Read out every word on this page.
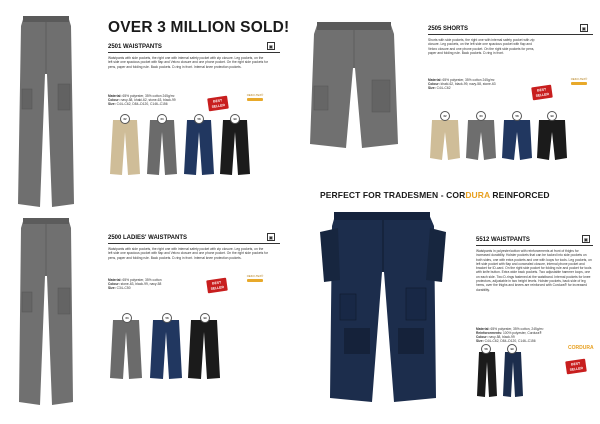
OVER 3 MILLION SOLD!
2501 WAISTPANTS	▣
Waistpants with side pockets, the right one with internal safety pocket with zip closure. Leg pockets, on the left side one spacious pocket with flap and Velcro closure and one phone pocket. On the right side pockets for pens, paper and folding rule. Back pockets. D-ring in front. Internal knee protection pockets.
Material: 65% polyester, 35% cotton 245g/m²
Colour: navy-58, khaki-62, stone-63, black-99
Size: C44–C62, D84–D120, C146–C156
BEST SELLER
OEKO-TEX®
62	63	58	99
2500 LADIES' WAISTPANTS	▣
Waistpants with side pockets, the right one with internal safety pocket with zip closure. Leg pockets, on the left side one spacious pocket with flap and Velcro closure and one phone pocket. On the right side pockets for pens, paper and folding rule. Back pockets. D-ring in front. Internal knee protection pockets.
Material: 65% polyester, 35% cotton
Colour: stone-63, black-99, navy-58
Size: C34–C50
BEST SELLER
OEKO-TEX®
63	58	99
2505 SHORTS	▣
Shorts with side pockets, the right one with internal safety pocket with zip closure. Leg pockets, on the left side one spacious pocket with flap and Velcro closure and one phone pocket. On the right side pockets for pens, paper and folding rule. Back pockets. D-ring in front.
Material: 65% polyester, 35% cotton 245g/m²
Colour: khaki-62, black-99, navy-58, stone-63
Size: C44–C62	BEST SELLER
OEKO-TEX®
62	63	58	99
PERFECT FOR TRADESMEN - CORDURA REINFORCED
5512 WAISTPANTS	▣
Waistpants in polyester/cotton with reinforcements at front of thighs for increased durability. Holster pockets that can be tucked into side pockets on both sides, one with extra pockets and one with loops for tools. Leg pockets, on left side pocket with flap and concealed closure, internal phone pocket and bracket for ID-card. On the right side pocket for folding rule and pocket for tools with knife button. Extra wide back pockets. Two adjustable hammer loops, one on each side. Two D-rings fastened at the waistband. Internal pockets for knee protectors, adjustable in two height levels. Holster pockets, back side of leg hems, over the thighs and knees are reinforced with Cordura® for increased durability.
Material: 65% polyester, 35% cotton, 245g/m²
Reinforcements: 100% polyester, Cordura®
Colour: navy-58, black-99
Size: C44–C62, D84–D120, C146–C156
CORDURA
BEST SELLER
58	99
